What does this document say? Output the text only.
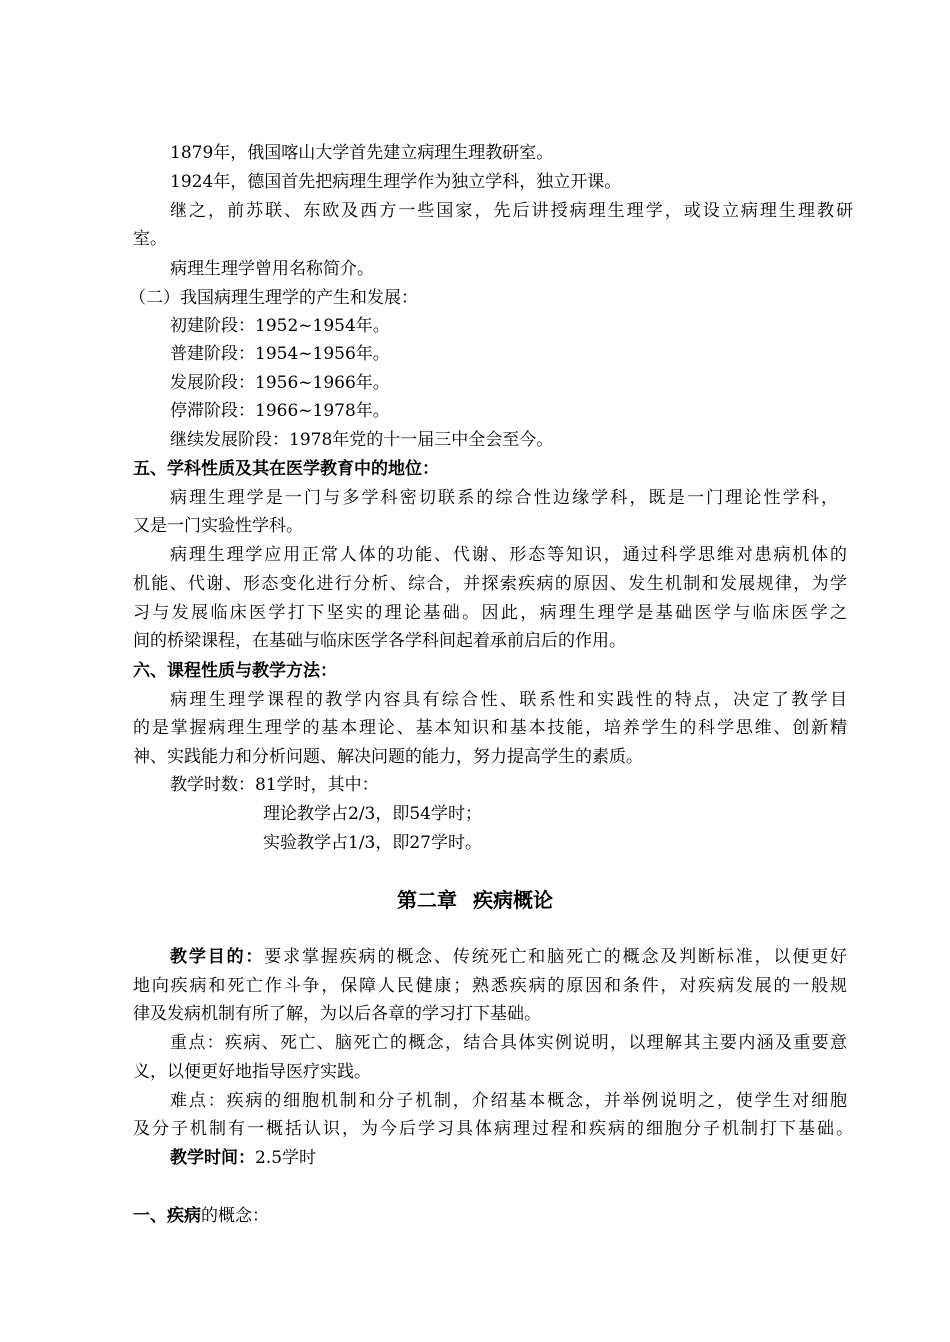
1879年，俄国喀山大学首先建立病理生理教研室。
1924年，德国首先把病理生理学作为独立学科，独立开课。
继之，前苏联、东欧及西方一些国家，先后讲授病理生理学，或设立病理生理教研
室。
病理生理学曾用名称简介。
（二）我国病理生理学的产生和发展：
初建阶段：1952~1954年。
普建阶段：1954~1956年。
发展阶段：1956~1966年。
停滞阶段：1966~1978年。
继续发展阶段：1978年党的十一届三中全会至今。
五、学科性质及其在医学教育中的地位：
病理生理学是一门与多学科密切联系的综合性边缘学科，既是一门理论性学科，
又是一门实验性学科。
病理生理学应用正常人体的功能、代谢、形态等知识，通过科学思维对患病机体的
机能、代谢、形态变化进行分析、综合，并探索疾病的原因、发生机制和发展规律，为学
习与发展临床医学打下坚实的理论基础。因此，病理生理学是基础医学与临床医学之
间的桥梁课程，在基础与临床医学各学科间起着承前启后的作用。
六、课程性质与教学方法：
病理生理学课程的教学内容具有综合性、联系性和实践性的特点，决定了教学目
的是掌握病理生理学的基本理论、基本知识和基本技能，培养学生的科学思维、创新精
神、实践能力和分析问题、解决问题的能力，努力提高学生的素质。
教学时数：81学时，其中：
理论教学占2/3，即54学时；
实验教学占1/3，即27学时。
第二章 疾病概论
教学目的：要求掌握疾病的概念、传统死亡和脑死亡的概念及判断标准，以便更好
地向疾病和死亡作斗争，保障人民健康；熟悉疾病的原因和条件，对疾病发展的一般规
律及发病机制有所了解，为以后各章的学习打下基础。
重点：疾病、死亡、脑死亡的概念，结合具体实例说明，以理解其主要内涵及重要意
义，以便更好地指导医疗实践。
难点：疾病的细胞机制和分子机制，介绍基本概念，并举例说明之，使学生对细胞
及分子机制有一概括认识，为今后学习具体病理过程和疾病的细胞分子机制打下基础。
教学时间：2.5学时
一、疾病的概念：
